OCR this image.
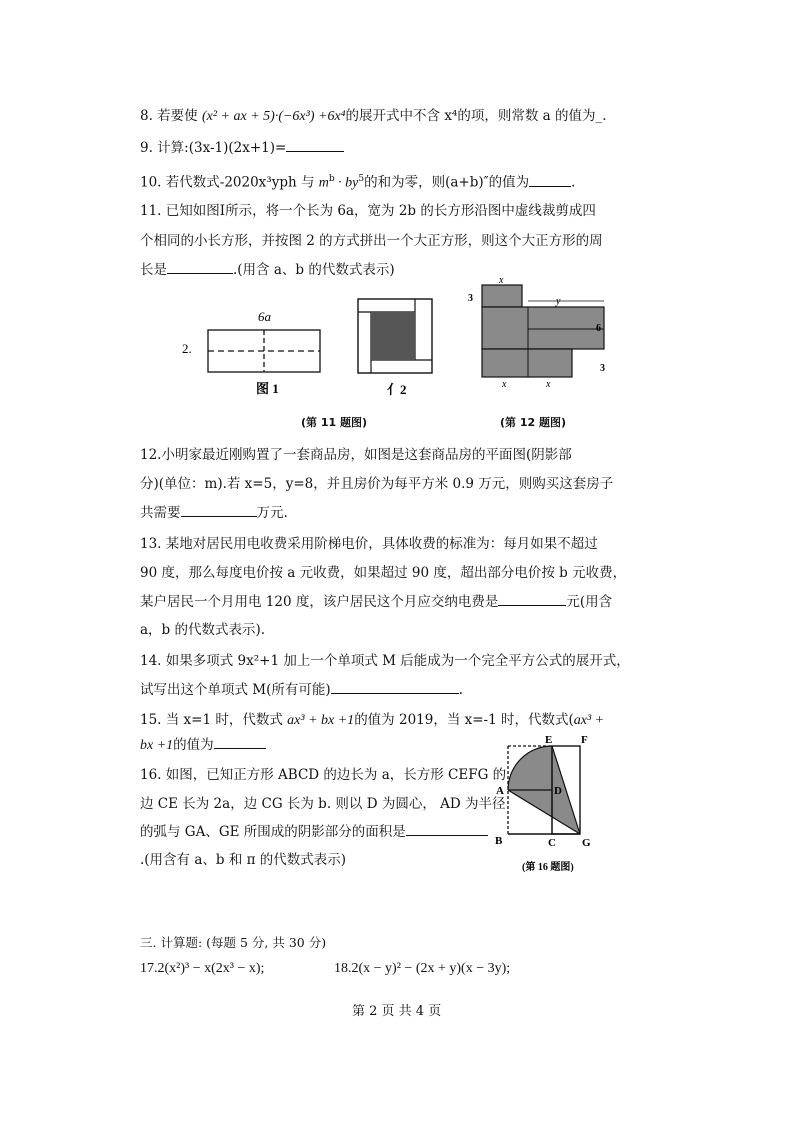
8. 若要使 (x² + ax + 5)·(−6x³) +6x⁴的展开式中不含 x⁴的项，则常数 a 的值为_.
9. 计算:(3x-1)(2x+1)=
10. 若代数式-2020x³yph 与 $m^b \cdot by^5$的和为零，则(a+b)″的值为	.
11. 已知如图Ⅰ所示，将一个长为 6a，宽为 2b 的长方形沿图中虚线裁剪成四
个相同的小长方形，并按图 2 的方式拼出一个大正方形，则这个大正方形的周
长是	.(用含 a、b 的代数式表示)
6a
2.
图 1	⺅2
x
y
3
6
3
x	x
(第 11 题图)	(第 12 题图)
12.小明家最近刚购置了一套商品房，如图是这套商品房的平面图(阴影部
分)(单位：m).若 x=5，y=8，并且房价为每平方米 0.9 万元，则购买这套房子
共需要	万元.
13. 某地对居民用电收费采用阶梯电价，具体收费的标准为：每月如果不超过
90 度，那么每度电价按 a 元收费，如果超过 90 度，超出部分电价按 b 元收费，
某户居民一个月用电 120 度，该户居民这个月应交纳电费是	元(用含
a，b 的代数式表示).
14. 如果多项式 9x²+1 加上一个单项式 M 后能成为一个完全平方公式的展开式，
试写出这个单项式 M(所有可能)	.
15. 当 x=1 时，代数式 ax³ + bx +1的值为 2019，当 x=-1 时，代数式(ax³ +
bx +1的值为
16. 如图，已知正方形 ABCD 的边长为 a，长方形 CEFG 的
边 CE 长为 2a，边 CG 长为 b. 则以 D 为圆心， AD 为半径
的弧与 GA、GE 所围成的阴影部分的面积是
.(用含有 a、b 和 π 的代数式表示)
E	F
A	D
B	C G
(第 16 题图)
三. 计算题: (每题 5 分, 共 30 分)
17.2(x²)³ − x(2x³ − x);	18.2(x − y)² − (2x + y)(x − 3y);
第 2 页 共 4 页
